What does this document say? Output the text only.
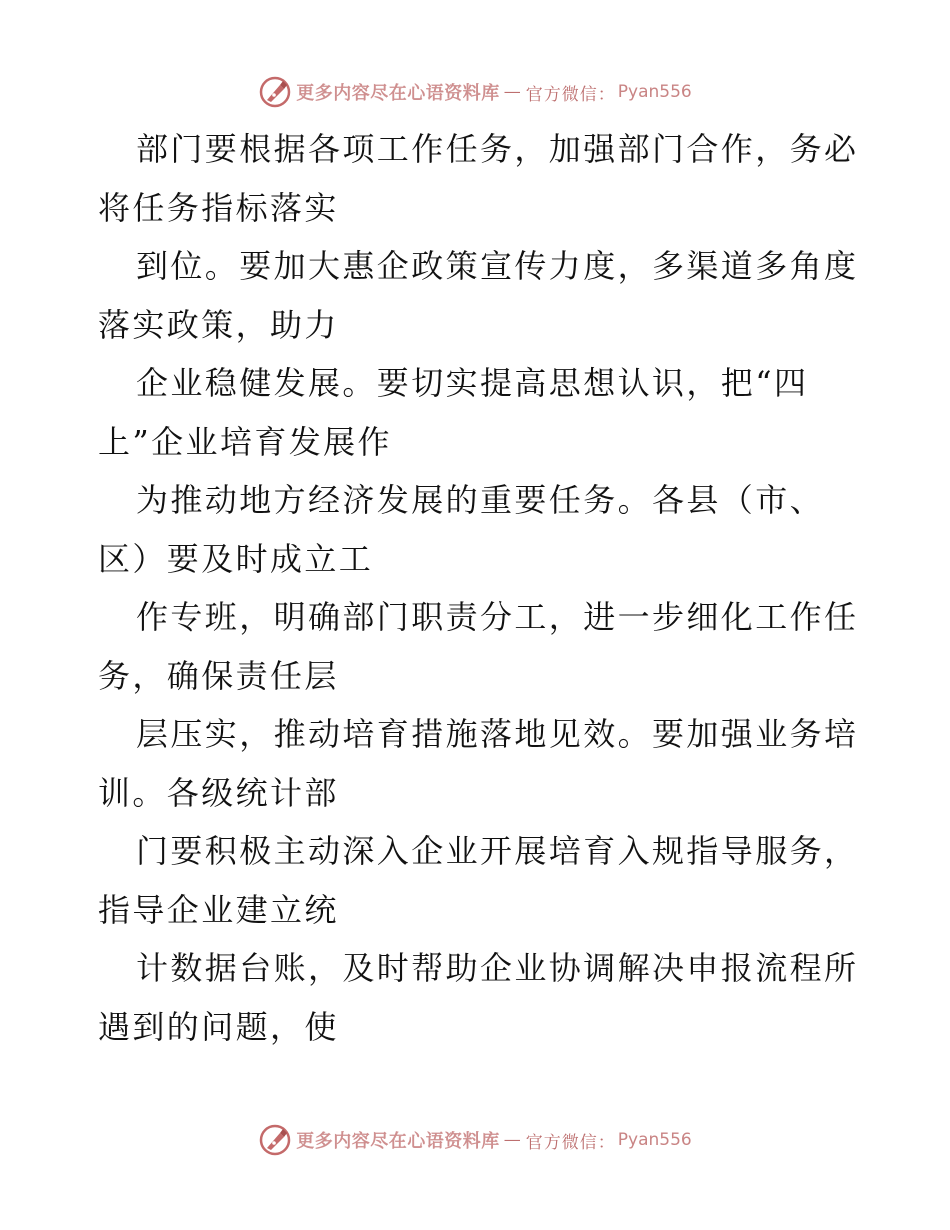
更多内容尽在心语资料库 — 官方微信： Pyan556

部门要根据各项工作任务，加强部门合作，务必
将任务指标落实

到位。要加大惠企政策宣传力度，多渠道多角度
落实政策，助力

企业稳健发展。要切实提高思想认识，把“四
上”企业培育发展作

为推动地方经济发展的重要任务。各县（市、
区）要及时成立工

作专班，明确部门职责分工，进一步细化工作任
务，确保责任层

层压实，推动培育措施落地见效。要加强业务培
训。各级统计部

门要积极主动深入企业开展培育入规指导服务，
指导企业建立统

计数据台账，及时帮助企业协调解决申报流程所
遇到的问题，使

更多内容尽在心语资料库 — 官方微信： Pyan556
